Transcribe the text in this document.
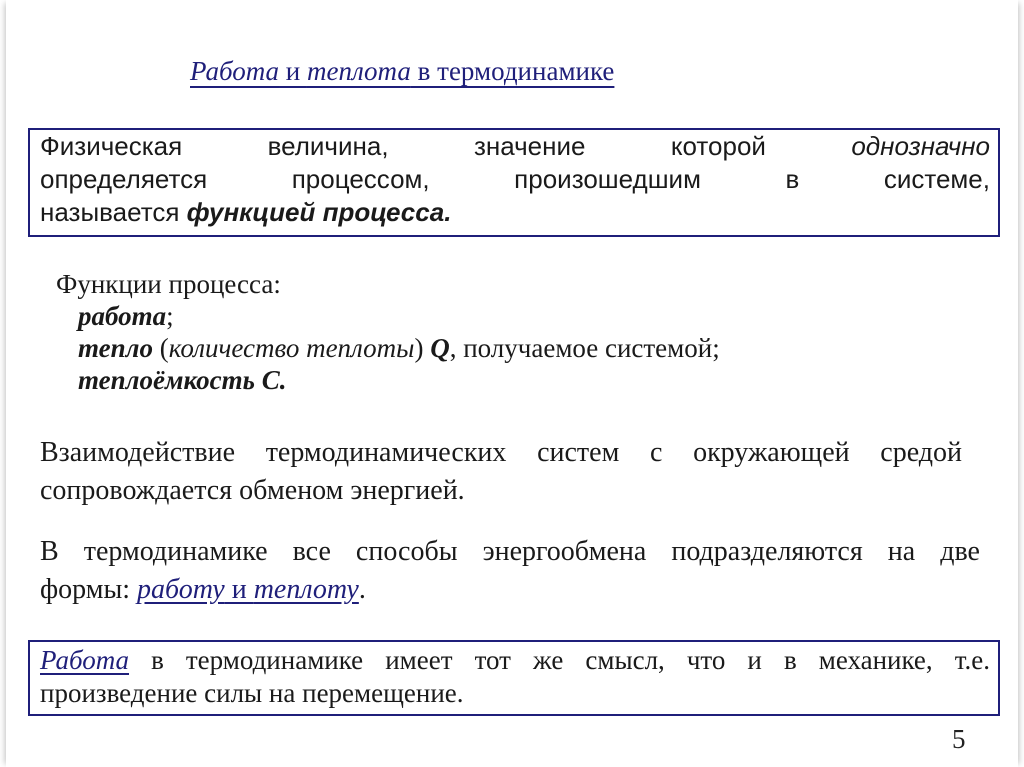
Работа и теплота в термодинамике
Физическая величина, значение которой однозначно
определяется процессом, произошедшим в системе,
называется функцией процесса.
Функции процесса:
работа;
тепло (количество теплоты) Q, получаемое системой;
теплоёмкость С.
Взаимодействие термодинамических систем с окружающей средой
сопровождается обменом энергией.
В термодинамике все способы энергообмена подразделяются на две
формы: работу и теплоту.
Работа в термодинамике имеет тот же смысл, что и в механике, т.е.
произведение силы на перемещение.
5
